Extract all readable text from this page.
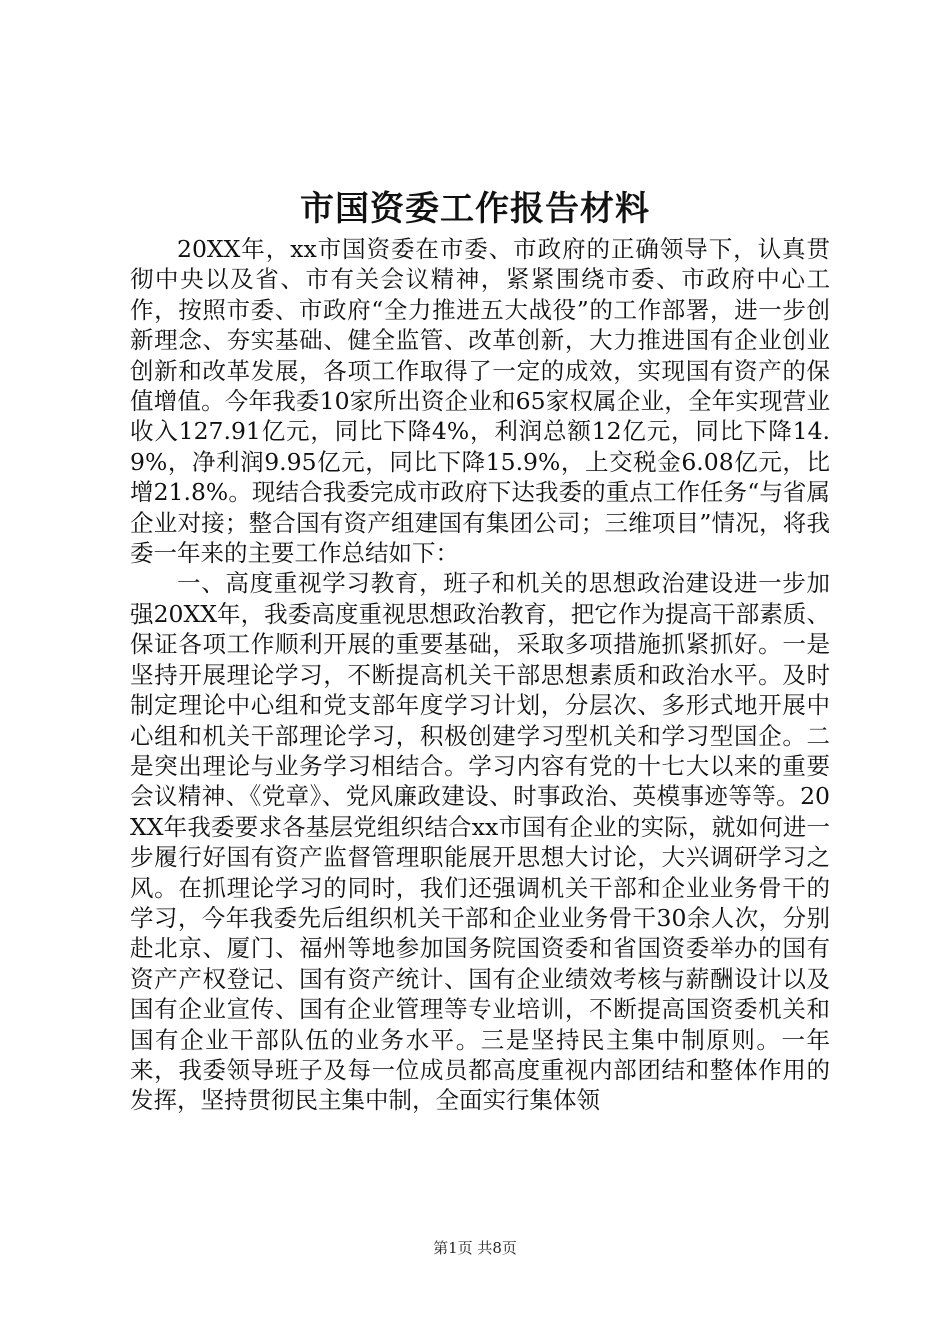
市国资委工作报告材料

20XX年，xx市国资委在市委、市政府的正确领导下，认真贯彻中央以及省、市有关会议精神，紧紧围绕市委、市政府中心工作，按照市委、市政府“全力推进五大战役”的工作部署，进一步创新理念、夯实基础、健全监管、改革创新，大力推进国有企业创业创新和改革发展，各项工作取得了一定的成效，实现国有资产的保值增值。今年我委10家所出资企业和65家权属企业，全年实现营业收入127.91亿元，同比下降4%，利润总额12亿元，同比下降14.9%，净利润9.95亿元，同比下降15.9%，上交税金6.08亿元，比增21.8%。现结合我委完成市政府下达我委的重点工作任务“与省属企业对接；整合国有资产组建国有集团公司；三维项目”情况，将我委一年来的主要工作总结如下：

一、高度重视学习教育，班子和机关的思想政治建设进一步加强20XX年，我委高度重视思想政治教育，把它作为提高干部素质、保证各项工作顺利开展的重要基础，采取多项措施抓紧抓好。一是坚持开展理论学习，不断提高机关干部思想素质和政治水平。及时制定理论中心组和党支部年度学习计划，分层次、多形式地开展中心组和机关干部理论学习，积极创建学习型机关和学习型国企。二是突出理论与业务学习相结合。学习内容有党的十七大以来的重要会议精神、《党章》、党风廉政建设、时事政治、英模事迹等等。20XX年我委要求各基层党组织结合xx市国有企业的实际，就如何进一步履行好国有资产监督管理职能展开思想大讨论，大兴调研学习之风。在抓理论学习的同时，我们还强调机关干部和企业业务骨干的学习，今年我委先后组织机关干部和企业业务骨干30余人次，分别赴北京、厦门、福州等地参加国务院国资委和省国资委举办的国有资产产权登记、国有资产统计、国有企业绩效考核与薪酬设计以及国有企业宣传、国有企业管理等专业培训，不断提高国资委机关和国有企业干部队伍的业务水平。三是坚持民主集中制原则。一年来，我委领导班子及每一位成员都高度重视内部团结和整体作用的发挥，坚持贯彻民主集中制，全面实行集体领

第1页 共8页
